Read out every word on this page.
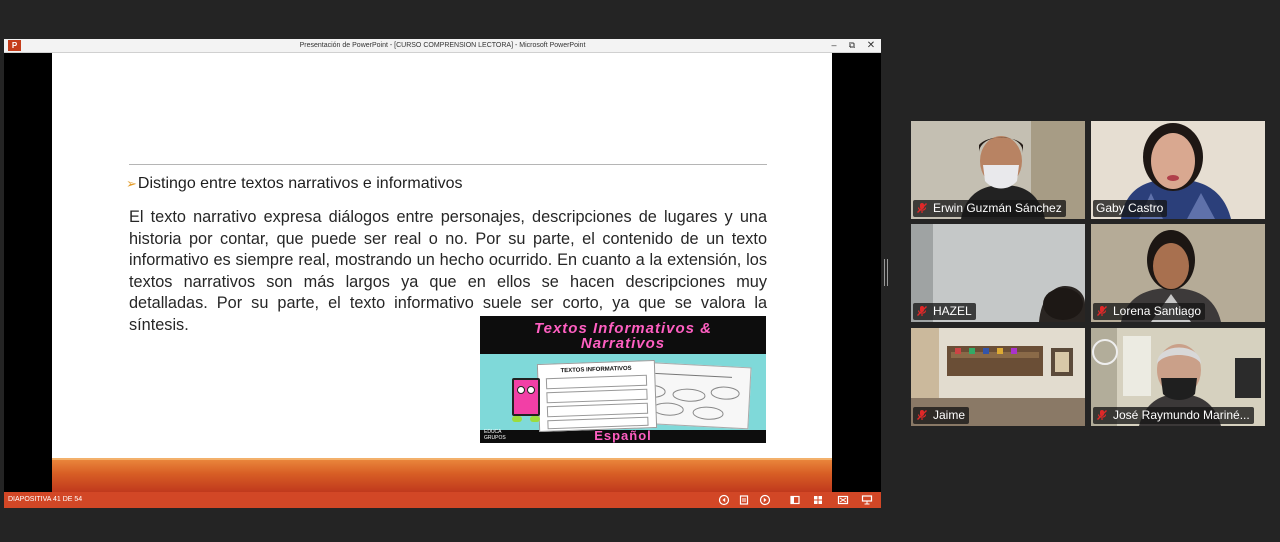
P	Presentación de PowerPoint - [CURSO COMPRENSION LECTORA] - Microsoft PowerPoint	–	⧉	✕
➢Distingo entre textos narrativos e informativos
El texto narrativo expresa diálogos entre personajes, descripciones de lugares y una historia por contar, que puede ser real o no. Por su parte, el contenido de un texto informativo es siempre real, mostrando un hecho ocurrido. En cuanto a la extensión, los textos narrativos son más largos ya que en ellos se hacen descripciones muy detalladas. Por su parte, el texto informativo suele ser corto, ya que se valora la síntesis.	Textos Informativos &
Narrativos
TEXTOS INFORMATIVOS
Español
EDUCA
GRUPOS
DIAPOSITIVA 41 DE 54
Erwin Guzmán Sánchez	Gaby Castro
HAZEL	Lorena Santiago
Jaime	José Raymundo Mariné...
